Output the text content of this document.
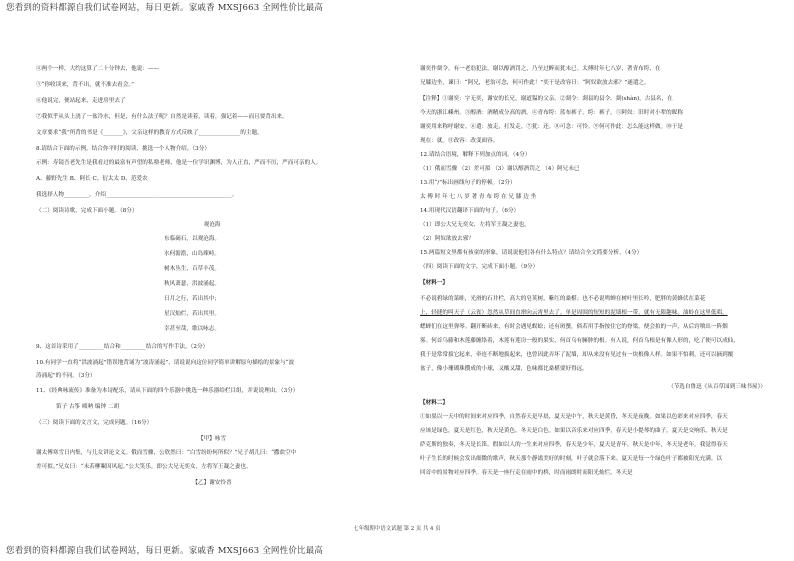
您看到的资料都源自我们试卷网站，每日更新。家戚香 MXSJ663 全网性价比最高
④两个一样，大约这算了二十分钟去，他说：——
⑤“你收读来，背不出，就不准去看会。”
⑥他说完，便站起来，走进房里去了
⑦我似乎从头上浇了一盆冷水，但是，有什么法子呢？自然是读着，读着，强记着——而且要背出来。
文章要求“我”所背的书是《_______》，父亲这样的教育方式反映了_______________的主题。
8.请结合下面的示例，结合你平时的阅读，挑选一个人物介绍。（3分）
示例：寿镜吾老先生是我看过的最富有声望的私塾老师，他是一位学识渊博，为人正直，严而不厉，严而可亲的人。
A、藤野先生 B、阿长 C、衍太太 D、范爱农
我选择人物_________，介绍_____________________________________________。
（二）阅读诗歌，完成下面小题。（8分）
观沧海
东临碣石，以观沧海。
水何澹澹，山岛竦峙。
树木丛生，百草丰茂。
秋风萧瑟，洪波涌起。
日月之行，若出其中；
星汉灿烂，若出其里。
幸甚至哉，歌以咏志。
9、这首诗采用了_________结合和_________结合的写作手法。（2分）
10.有同学一直将“洪波涌起”错误地背诵为“波涛涌起”，请说说向这位同学简单讲解原句描绘的景象与“波
涛涌起”的不同。（3分）
11、《经典咏流传》准备为本诗配乐，请从下面的四个乐器中挑选一种乐器给栏目组，并说说理由。（3分）
笛子 古筝 唢呐 编钟 二胡
（三）阅读下面的文言文，完成问题。（16分）
【甲】咏雪
谢太傅寒雪日内集，与儿女讲论文义。俄而雪骤，公欣然曰：“白雪纷纷何所似？”兄子胡儿曰：“撒盐空中
差可拟。”兄女曰：“未若柳絮因风起。”公大笑乐。即公大兄无奕女，左将军王凝之妻也。
【乙】谢安怜晋
谢奕作剡令，有一老翁犯法，谢以醇酒罚之，乃至过醉而犹未已。太傅时年七八岁，著青布绔，在
兄膝边坐，谏曰：“阿兄，老翁可念，何可作此！”奕于是改容曰：“阿奴欲放去邪？”遂遣之。
【注释】①谢奕：字无奕，谢安的长兄，谢道韫的父亲。②剡令：剡县的县令。剡(shàn)，古县名，在
今天的浙江嵊州。③醇酒：酒精成分高的酒。④青布绔：蓝布裤子。绔：裤子。⑤阿奴：旧时对小辈的昵称
谢奕用来称呼谢安。⑥遣：放走，打发走。⑦犹：还。⑧可念：可怜。⑨何可作此：怎么能这样做。⑩于是
现在：就。⑪改容：改变面容。
12.请结合语境，解释下列加点的词。（4分）
（1）俄而雪骤 （2）差可拟 （3）谢以醇酒罚之 （4）阿兄未已
13.用“/”标出画线句子的停顿。（2分）
太 傅 时 年 七 八 岁 著 青 布 绔 在 兄 膝 边 坐
14.用现代汉语翻译下面的句子。（6分）
（1）即公大兄无奕女，左将军王凝之妻也。
（2）阿奴欲放去邪？
15.两篇短文里都有孩童的形象，请说说他们各有什么特点？请结合全文简要分析。（4分）
（四）阅读下面的文字，完成下面小题。（9分）
【材料一】
不必说碧绿的菜畦，光滑的石井栏，高大的皂荚树，紫红的桑椹；也不必说鸣蝉在树叶里长吟，肥胖的黄蜂伏在菜花
上，轻捷的叫天子（云雀）忽然从草间直窜向云霄里去了。单是周围的短短的泥墙根一带，就有无限趣味。油蛉在这里低唱，
蟋蟀们在这里弹琴。翻开断砖来，有时会遇见蜈蚣；还有斑蝥，倘若用手指按住它的脊梁，便会拍的一声，从后窍喷出一阵烟
雾。何首乌藤和木莲藤缠络着，木莲有莲房一般的果实，何首乌有臃肿的根。有人说，何首乌根是有像人形的，吃了便可以成仙，
我于是常常拔它起来，牵连不断地拔起来，也曾因此弄坏了泥墙，却从来没有见过有一块根像人样。如果不怕刺，还可以摘到覆
盆子，像小珊瑚珠攒成的小球，又酸又甜，色味都比桑椹要好得远。
（节选自鲁迅《从百草园到三味书屋》）
【材料二】
①如果以一天中的时间来对应四季，自然春天是早晨，夏天是中午，秋天是黄昏，冬天是夜晚。如果以色彩来对应四季，春天
应该是绿色，夏天是红色，秋天是黄色，冬天是白色。如果以音乐来对应四季，春天是小提琴的曲子，夏天是交响乐，秋天是
萨克斯的独奏，冬天是长笛。假如以人的一生来对应四季，春天是少年，夏天是青年，秋天是中年，冬天是老年。我觉得春天
叶子生长的时候会发出细微的歌声，秋天那个静谧美好的时刻，叶子就会落下来。夏天是每一个绿色叶子都被阳光充满。以
回首中的景物对应四季，春天是一座行走在雨中的桥，时而雨朗时而阳光灿烂。冬天是
七年级期中语文试题 第 2 页 共 4 页
您看到的资料都源自我们试卷网站，每日更新。家戚香 MXSJ663 全网性价比最高
